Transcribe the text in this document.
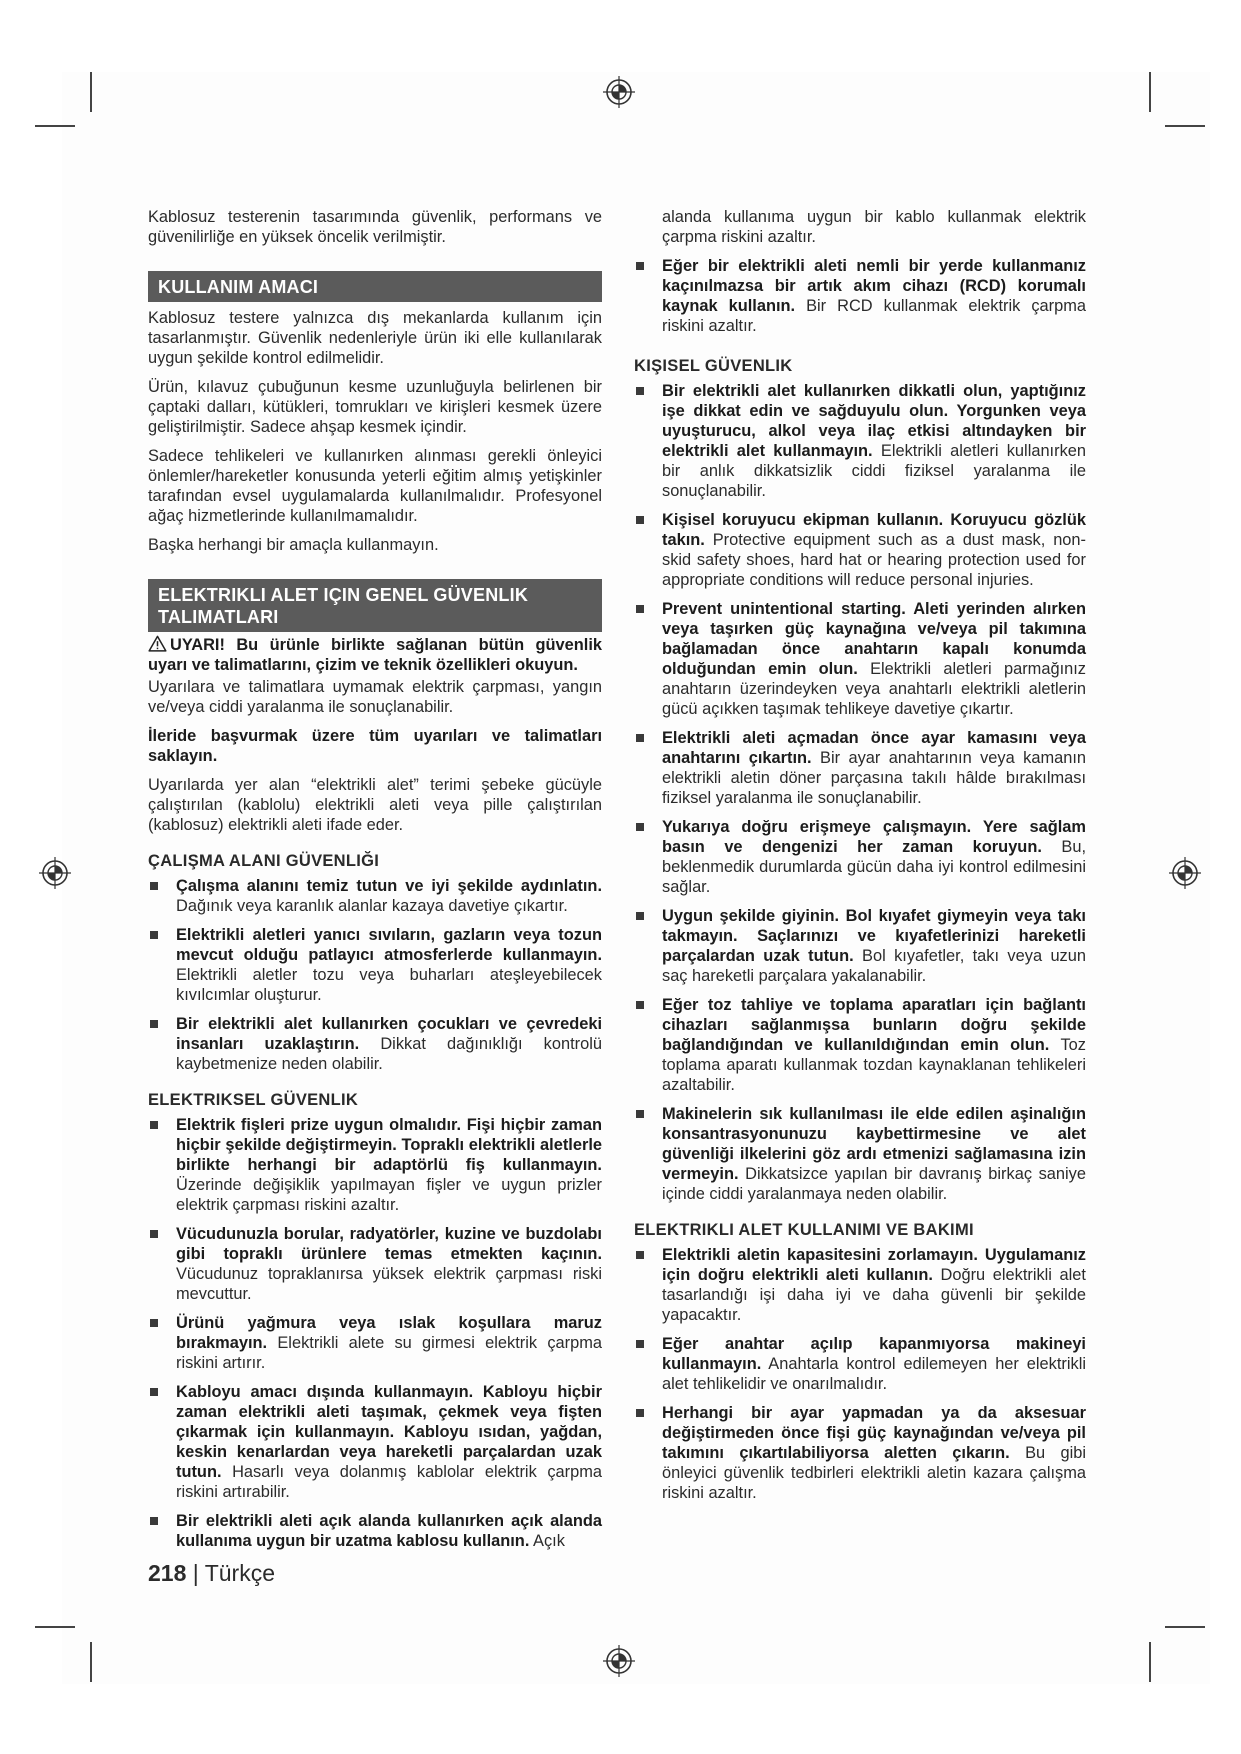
Kablosuz testerenin tasarımında güvenlik, performans ve güvenilirliğe en yüksek öncelik verilmiştir.

KULLANIM AMACI

Kablosuz testere yalnızca dış mekanlarda kullanım için tasarlanmıştır. Güvenlik nedenleriyle ürün iki elle kullanılarak uygun şekilde kontrol edilmelidir.

Ürün, kılavuz çubuğunun kesme uzunluğuyla belirlenen bir çaptaki dalları, kütükleri, tomrukları ve kirişleri kesmek üzere geliştirilmiştir. Sadece ahşap kesmek içindir.

Sadece tehlikeleri ve kullanırken alınması gerekli önleyici önlemler/hareketler konusunda yeterli eğitim almış yetişkinler tarafından evsel uygulamalarda kullanılmalıdır. Profesyonel ağaç hizmetlerinde kullanılmamalıdır.

Başka herhangi bir amaçla kullanmayın.

ELEKTRIKLI ALET IÇIN GENEL GÜVENLIK TALIMATLARI

UYARI! Bu ürünle birlikte sağlanan bütün güvenlik uyarı ve talimatlarını, çizim ve teknik özellikleri okuyun.

Uyarılara ve talimatlara uymamak elektrik çarpması, yangın ve/veya ciddi yaralanma ile sonuçlanabilir.

İleride başvurmak üzere tüm uyarıları ve talimatları saklayın.

Uyarılarda yer alan “elektrikli alet” terimi şebeke gücüyle çalıştırılan (kablolu) elektrikli aleti veya pille çalıştırılan (kablosuz) elektrikli aleti ifade eder.

ÇALIŞMA ALANI GÜVENLIĞI
Çalışma alanını temiz tutun ve iyi şekilde aydınlatın. Dağınık veya karanlık alanlar kazaya davetiye çıkartır.
Elektrikli aletleri yanıcı sıvıların, gazların veya tozun mevcut olduğu patlayıcı atmosferlerde kullanmayın. Elektrikli aletler tozu veya buharları ateşleyebilecek kıvılcımlar oluşturur.
Bir elektrikli alet kullanırken çocukları ve çevredeki insanları uzaklaştırın. Dikkat dağınıklığı kontrolü kaybetmenize neden olabilir.
ELEKTRIKSEL GÜVENLIK
Elektrik fişleri prize uygun olmalıdır. Fişi hiçbir zaman hiçbir şekilde değiştirmeyin. Topraklı elektrikli aletlerle birlikte herhangi bir adaptörlü fiş kullanmayın. Üzerinde değişiklik yapılmayan fişler ve uygun prizler elektrik çarpması riskini azaltır.
Vücudunuzla borular, radyatörler, kuzine ve buzdolabı gibi topraklı ürünlere temas etmekten kaçının. Vücudunuz topraklanırsa yüksek elektrik çarpması riski mevcuttur.
Ürünü yağmura veya ıslak koşullara maruz bırakmayın. Elektrikli alete su girmesi elektrik çarpma riskini artırır.
Kabloyu amacı dışında kullanmayın. Kabloyu hiçbir zaman elektrikli aleti taşımak, çekmek veya fişten çıkarmak için kullanmayın. Kabloyu ısıdan, yağdan, keskin kenarlardan veya hareketli parçalardan uzak tutun. Hasarlı veya dolanmış kablolar elektrik çarpma riskini artırabilir.
Bir elektrikli aleti açık alanda kullanırken açık alanda kullanıma uygun bir uzatma kablosu kullanın. Açık
alanda kullanıma uygun bir kablo kullanmak elektrik çarpma riskini azaltır.
Eğer bir elektrikli aleti nemli bir yerde kullanmanız kaçınılmazsa bir artık akım cihazı (RCD) korumalı kaynak kullanın. Bir RCD kullanmak elektrik çarpma riskini azaltır.
KIŞISEL GÜVENLIK
Bir elektrikli alet kullanırken dikkatli olun, yaptığınız işe dikkat edin ve sağduyulu olun. Yorgunken veya uyuşturucu, alkol veya ilaç etkisi altındayken bir elektrikli alet kullanmayın. Elektrikli aletleri kullanırken bir anlık dikkatsizlik ciddi fiziksel yaralanma ile sonuçlanabilir.
Kişisel koruyucu ekipman kullanın. Koruyucu gözlük takın. Protective equipment such as a dust mask, non-skid safety shoes, hard hat or hearing protection used for appropriate conditions will reduce personal injuries.
Prevent unintentional starting. Aleti yerinden alırken veya taşırken güç kaynağına ve/veya pil takımına bağlamadan önce anahtarın kapalı konumda olduğundan emin olun. Elektrikli aletleri parmağınız anahtarın üzerindeyken veya anahtarlı elektrikli aletlerin gücü açıkken taşımak tehlikeye davetiye çıkartır.
Elektrikli aleti açmadan önce ayar kamasını veya anahtarını çıkartın. Bir ayar anahtarının veya kamanın elektrikli aletin döner parçasına takılı hâlde bırakılması fiziksel yaralanma ile sonuçlanabilir.
Yukarıya doğru erişmeye çalışmayın. Yere sağlam basın ve dengenizi her zaman koruyun. Bu, beklenmedik durumlarda gücün daha iyi kontrol edilmesini sağlar.
Uygun şekilde giyinin. Bol kıyafet giymeyin veya takı takmayın. Saçlarınızı ve kıyafetlerinizi hareketli parçalardan uzak tutun. Bol kıyafetler, takı veya uzun saç hareketli parçalara yakalanabilir.
Eğer toz tahliye ve toplama aparatları için bağlantı cihazları sağlanmışsa bunların doğru şekilde bağlandığından ve kullanıldığından emin olun. Toz toplama aparatı kullanmak tozdan kaynaklanan tehlikeleri azaltabilir.
Makinelerin sık kullanılması ile elde edilen aşinalığın konsantrasyonunuzu kaybettirmesine ve alet güvenliği ilkelerini göz ardı etmenizi sağlamasına izin vermeyin. Dikkatsizce yapılan bir davranış birkaç saniye içinde ciddi yaralanmaya neden olabilir.
ELEKTRIKLI ALET KULLANIMI VE BAKIMI
Elektrikli aletin kapasitesini zorlamayın. Uygulamanız için doğru elektrikli aleti kullanın. Doğru elektrikli alet tasarlandığı işi daha iyi ve daha güvenli bir şekilde yapacaktır.
Eğer anahtar açılıp kapanmıyorsa makineyi kullanmayın. Anahtarla kontrol edilemeyen her elektrikli alet tehlikelidir ve onarılmalıdır.
Herhangi bir ayar yapmadan ya da aksesuar değiştirmeden önce fişi güç kaynağından ve/veya pil takımını çıkartılabiliyorsa aletten çıkarın. Bu gibi önleyici güvenlik tedbirleri elektrikli aletin kazara çalışma riskini azaltır.
218 | Türkçe
